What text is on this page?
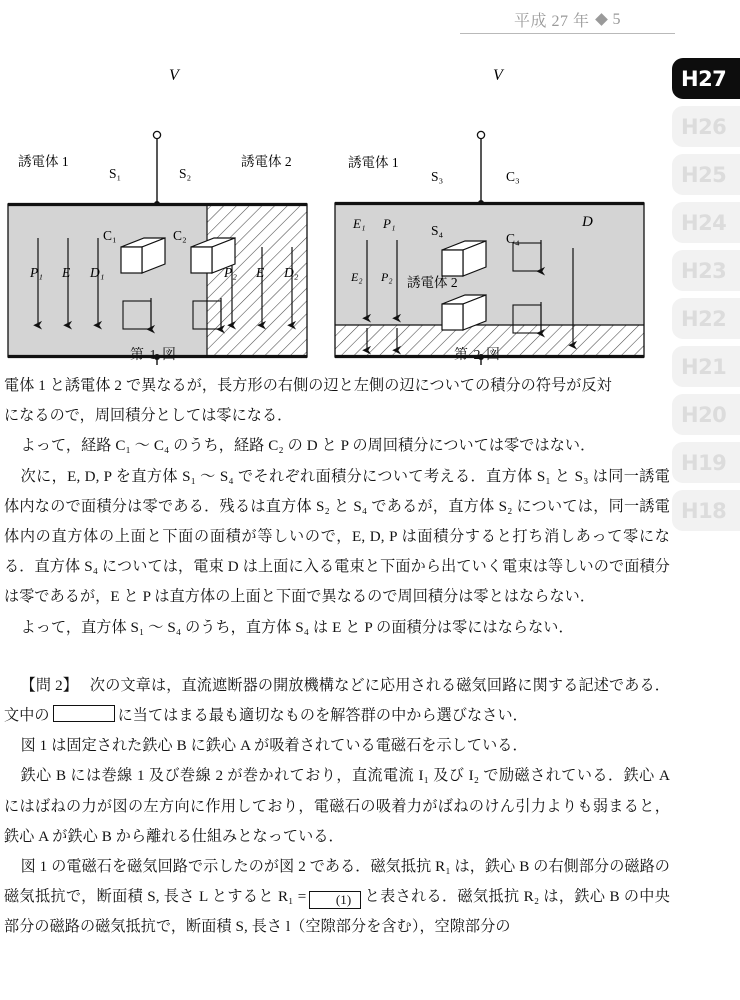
平成 27 年 5
H27
H26
H25
H24
H23
H22
H21
H20
H19
H18
V
誘電体 1	誘電体 2
S₁	S₂
C₁	C₂
P₁ E D₁	P₂ E D₂
V
誘電体 1
誘電体 2
S₃
S₄
C₃
C₄
E₁ P₁
E₂ P₂
D
第 1 図	第 2 図

電体 1 と誘電体 2 で異なるが，長方形の右側の辺と左側の辺についての積分の符号が反対

になるので，周回積分としては零になる．

よって，経路 C₁ ～ C₄ のうち，経路 C₂ の D と P の周回積分については零ではない．

次に，E, D, P を直方体 S₁ ～ S₄ でそれぞれ面積分について考える．直方体 S₁ と S₃ は同一誘電体内なので面積分は零である．残るは直方体 S₂ と S₄ であるが，直方体 S₂ については，同一誘電体内の直方体の上面と下面の面積が等しいので，E, D, P は面積分すると打ち消しあって零になる．直方体 S₄ については，電束 D は上面に入る電束と下面から出ていく電束は等しいので面積分は零であるが，E と P は直方体の上面と下面で異なるので周回積分は零とはならない．

よって，直方体 S₁ ～ S₄ のうち，直方体 S₄ は E と P の面積分は零にはならない．

【問 2】 次の文章は，直流遮断器の開放機構などに応用される磁気回路に関する記述である．文中の	に当てはまる最も適切なものを解答群の中から選びなさい．

図 1 は固定された鉄心 B に鉄心 A が吸着されている電磁石を示している．

鉄心 B には巻線 1 及び巻線 2 が巻かれており，直流電流 I₁ 及び I₂ で励磁されている．鉄心 A にはばねの力が図の左方向に作用しており，電磁石の吸着力がばねのけん引力よりも弱まると，鉄心 A が鉄心 B から離れる仕組みとなっている．

図 1 の電磁石を磁気回路で示したのが図 2 である．磁気抵抗 R₁ は，鉄心 B の右側部分の磁路の磁気抵抗で，断面積 S, 長さ L とすると R₁ = (1) と表される．磁気抵抗 R₂ は，鉄心 B の中央部分の磁路の磁気抵抗で，断面積 S, 長さ l（空隙部分を含む），空隙部分の
